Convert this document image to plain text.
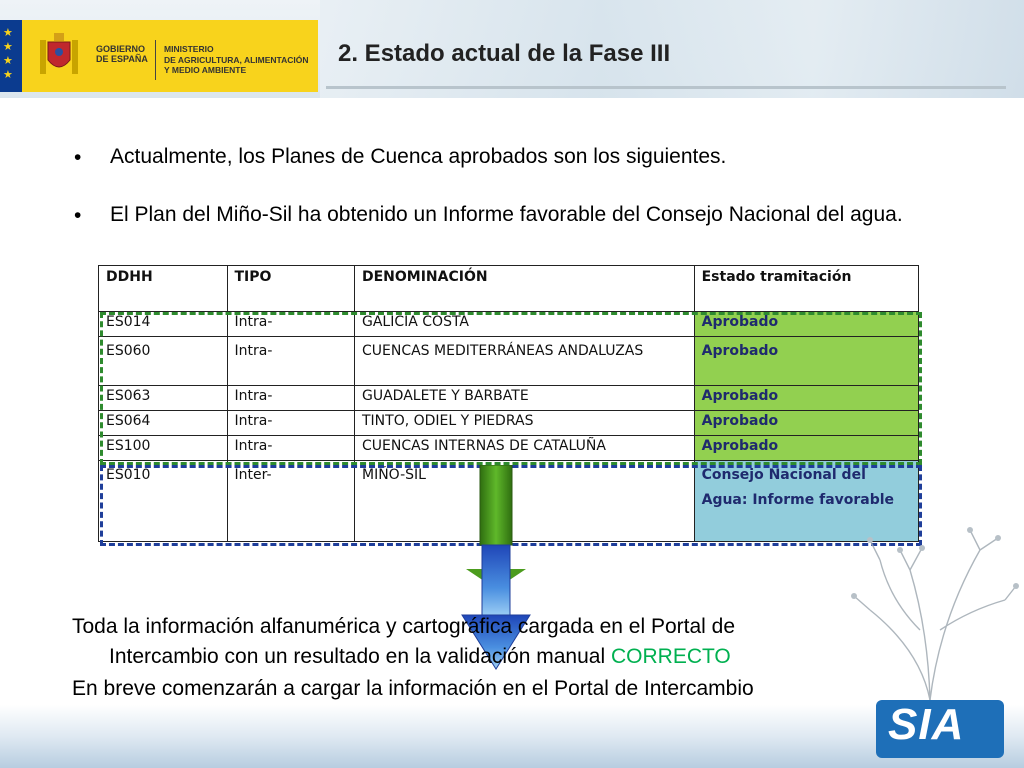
★
★
★
★
GOBIERNO
DE ESPAÑA
MINISTERIO
DE AGRICULTURA, ALIMENTACIÓN
Y MEDIO AMBIENTE
2. Estado actual de la Fase III
• Actualmente, los Planes de Cuenca aprobados son los siguientes.
• El Plan del Miño-Sil ha obtenido un Informe favorable del Consejo Nacional del agua.
DDHH	TIPO	DENOMINACIÓN	Estado tramitación
ES014	Intra-	GALICIA COSTA	Aprobado
ES060	Intra-	CUENCAS MEDITERRÁNEAS ANDALUZAS	Aprobado
ES063	Intra-	GUADALETE Y BARBATE	Aprobado
ES064	Intra-	TINTO, ODIEL Y PIEDRAS	Aprobado
ES100	Intra-	CUENCAS INTERNAS DE CATALUÑA	Aprobado
ES010	Inter-	MIÑO-SIL	Consejo Nacional del Agua: Informe favorable
Toda la información alfanumérica y cartográfica cargada en el Portal de
Intercambio con un resultado en la validación manual CORRECTO
En breve comenzarán a cargar la información en el Portal de Intercambio
SIA
